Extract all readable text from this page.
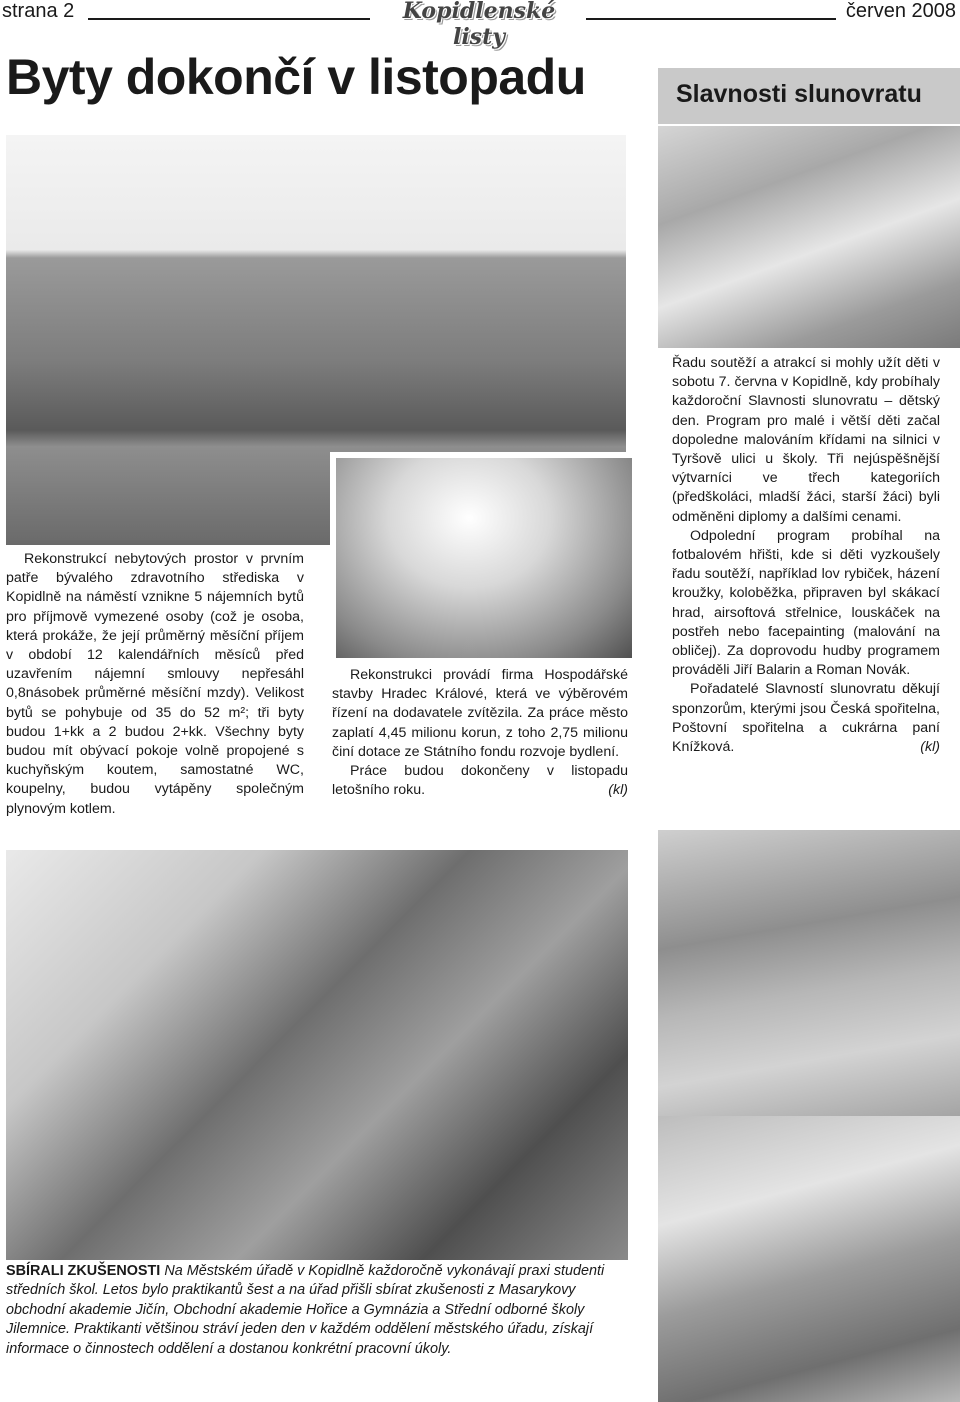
strana 2	Kopidlenské listy
červen 2008
Byty dokončí v listopadu	Slavnosti slunovratu

Rekonstrukcí nebytových prostor v prvním patře bývalého zdravotního střediska v Kopidlně na náměstí vznikne 5 nájemních bytů pro příjmově vymezené osoby (což je osoba, která prokáže, že její průměrný měsíční příjem v období 12 kalendářních měsíců před uzavřením nájemní smlouvy nepřesáhl 0,8násobek průměrné měsíční mzdy). Velikost bytů se pohybuje od 35 do 52 m²; tři byty budou 1+kk a 2 budou 2+kk. Všechny byty budou mít obývací pokoje volně propojené s kuchyňským koutem, samostatné WC, koupelny, budou vytápěny společným plynovým kotlem.

Rekonstrukci provádí firma Hospodářské stavby Hradec Králové, která ve výběrovém řízení na dodavatele zvítězila. Za práce město zaplatí 4,45 milionu korun, z toho 2,75 milionu činí dotace ze Státního fondu rozvoje bydlení.

Práce budou dokončeny v listopadu letošního roku.	(kl)

Řadu soutěží a atrakcí si mohly užít děti v sobotu 7. června v Kopidlně, kdy probíhaly každoroční Slavnosti slunovratu – dětský den. Program pro malé i větší děti začal dopoledne malováním křídami na silnici v Tyršově ulici u školy. Tři nejúspěšnější výtvarníci ve třech kategoriích (předškoláci, mladší žáci, starší žáci) byli odměněni diplomy a dalšími cenami.

Odpolední program probíhal na fotbalovém hřišti, kde si děti vyzkoušely řadu soutěží, například lov rybiček, házení kroužky, koloběžka, připraven byl skákací hrad, airsoftová střelnice, louskáček na postřeh nebo facepainting (malování na obličej). Za doprovodu hudby programem prováděli Jiří Balarin a Roman Novák.

Pořadatelé Slavností slunovratu děkují sponzorům, kterými jsou Česká spořitelna, Poštovní spořitelna a cukrárna paní Knížková.	(kl)

SBÍRALI ZKUŠENOSTI Na Městském úřadě v Kopidlně každoročně vykonávají praxi studenti středních škol. Letos bylo praktikantů šest a na úřad přišli sbírat zkušenosti z Masarykovy obchodní akademie Jičín, Obchodní akademie Hořice a Gymnázia a Střední odborné školy Jilemnice. Praktikanti většinou stráví jeden den v každém oddělení městského úřadu, získají informace o činnostech oddělení a dostanou konkrétní pracovní úkoly.
